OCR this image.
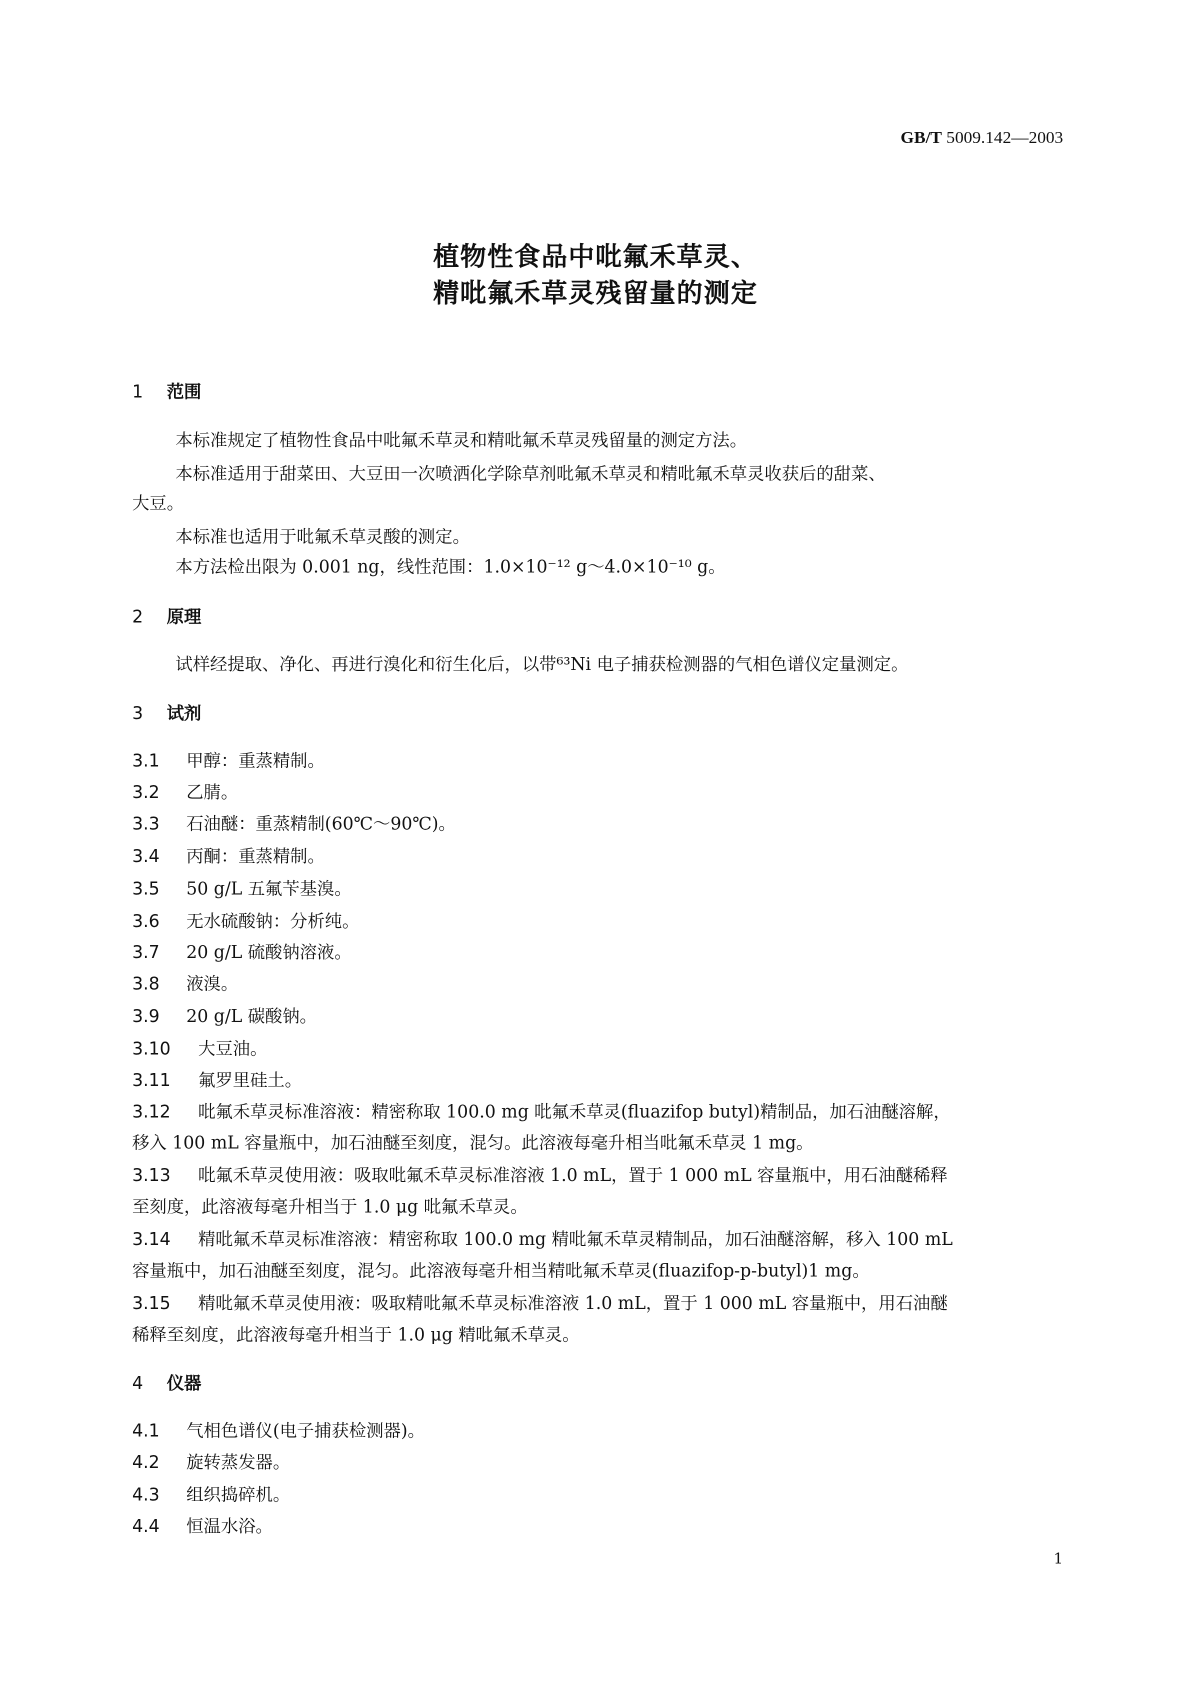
GB/T 5009.142—2003
植物性食品中吡氟禾草灵、
精吡氟禾草灵残留量的测定
1
1 范围
本标准规定了植物性食品中吡氟禾草灵和精吡氟禾草灵残留量的测定方法。
本标准适用于甜菜田、大豆田一次喷洒化学除草剂吡氟禾草灵和精吡氟禾草灵收获后的甜菜、
大豆。
本标准也适用于吡氟禾草灵酸的测定。
本方法检出限为 0.001 ng，线性范围：1.0×10⁻¹² g～4.0×10⁻¹⁰ g。
2 原理
试样经提取、净化、再进行溴化和衍生化后，以带⁶³Ni 电子捕获检测器的气相色谱仪定量测定。
3 试剂
3.1 甲醇：重蒸精制。
3.2 乙腈。
3.3 石油醚：重蒸精制(60℃～90℃)。
3.4 丙酮：重蒸精制。
3.5 50 g/L 五氟苄基溴。
3.6 无水硫酸钠：分析纯。
3.7 20 g/L 硫酸钠溶液。
3.8 液溴。
3.9 20 g/L 碳酸钠。
3.10 大豆油。
3.11 氟罗里硅土。
3.12 吡氟禾草灵标准溶液：精密称取 100.0 mg 吡氟禾草灵(fluazifop butyl)精制品，加石油醚溶解，
移入 100 mL 容量瓶中，加石油醚至刻度，混匀。此溶液每毫升相当吡氟禾草灵 1 mg。
3.13 吡氟禾草灵使用液：吸取吡氟禾草灵标准溶液 1.0 mL，置于 1 000 mL 容量瓶中，用石油醚稀释
至刻度，此溶液每毫升相当于 1.0 μg 吡氟禾草灵。
3.14 精吡氟禾草灵标准溶液：精密称取 100.0 mg 精吡氟禾草灵精制品，加石油醚溶解，移入 100 mL
容量瓶中，加石油醚至刻度，混匀。此溶液每毫升相当精吡氟禾草灵(fluazifop-p-butyl)1 mg。
3.15 精吡氟禾草灵使用液：吸取精吡氟禾草灵标准溶液 1.0 mL，置于 1 000 mL 容量瓶中，用石油醚
稀释至刻度，此溶液每毫升相当于 1.0 μg 精吡氟禾草灵。
4 仪器
4.1 气相色谱仪(电子捕获检测器)。
4.2 旋转蒸发器。
4.3 组织捣碎机。
4.4 恒温水浴。
